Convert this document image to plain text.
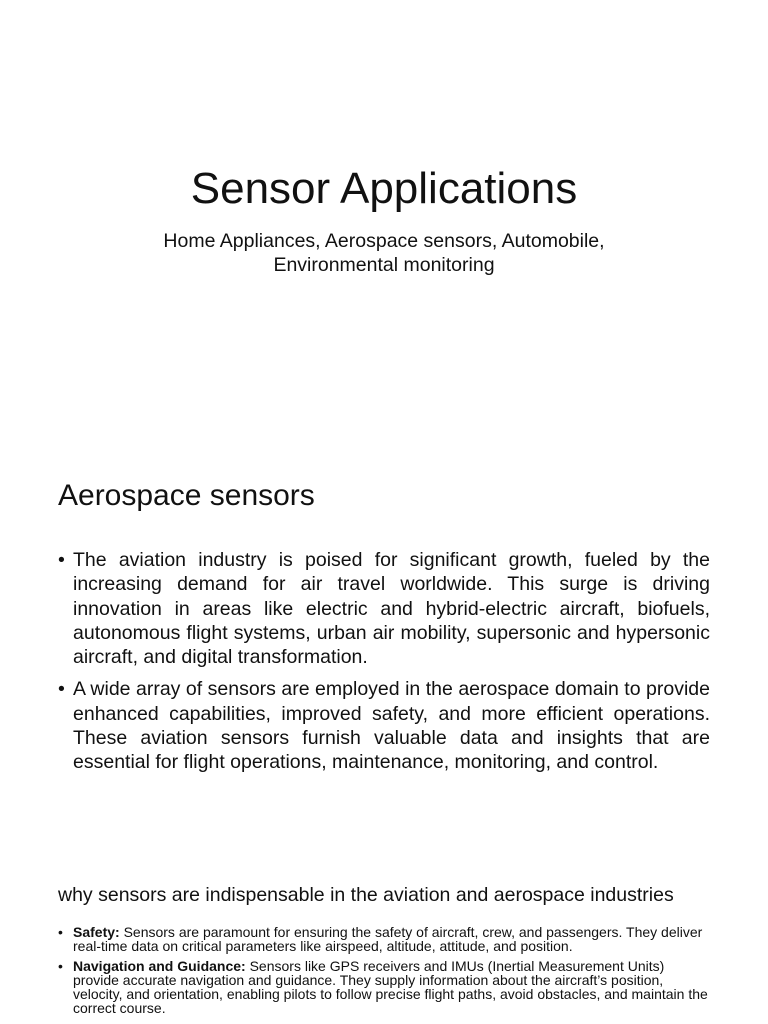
Sensor Applications

Home Appliances, Aerospace sensors, Automobile,
Environmental monitoring

Aerospace sensors
• The aviation industry is poised for significant growth, fueled by the increasing demand for air travel worldwide. This surge is driving innovation in areas like electric and hybrid-electric aircraft, biofuels, autonomous flight systems, urban air mobility, supersonic and hypersonic aircraft, and digital transformation.
• A wide array of sensors are employed in the aerospace domain to provide enhanced capabilities, improved safety, and more efficient operations. These aviation sensors furnish valuable data and insights that are essential for flight operations, maintenance, monitoring, and control.
why sensors are indispensable in the aviation and aerospace industries
• Safety: Sensors are paramount for ensuring the safety of aircraft, crew, and passengers. They deliver real-time data on critical parameters like airspeed, altitude, attitude, and position.
• Navigation and Guidance: Sensors like GPS receivers and IMUs (Inertial Measurement Units) provide accurate navigation and guidance. They supply information about the aircraft’s position, velocity, and orientation, enabling pilots to follow precise flight paths, avoid obstacles, and maintain the correct course.
